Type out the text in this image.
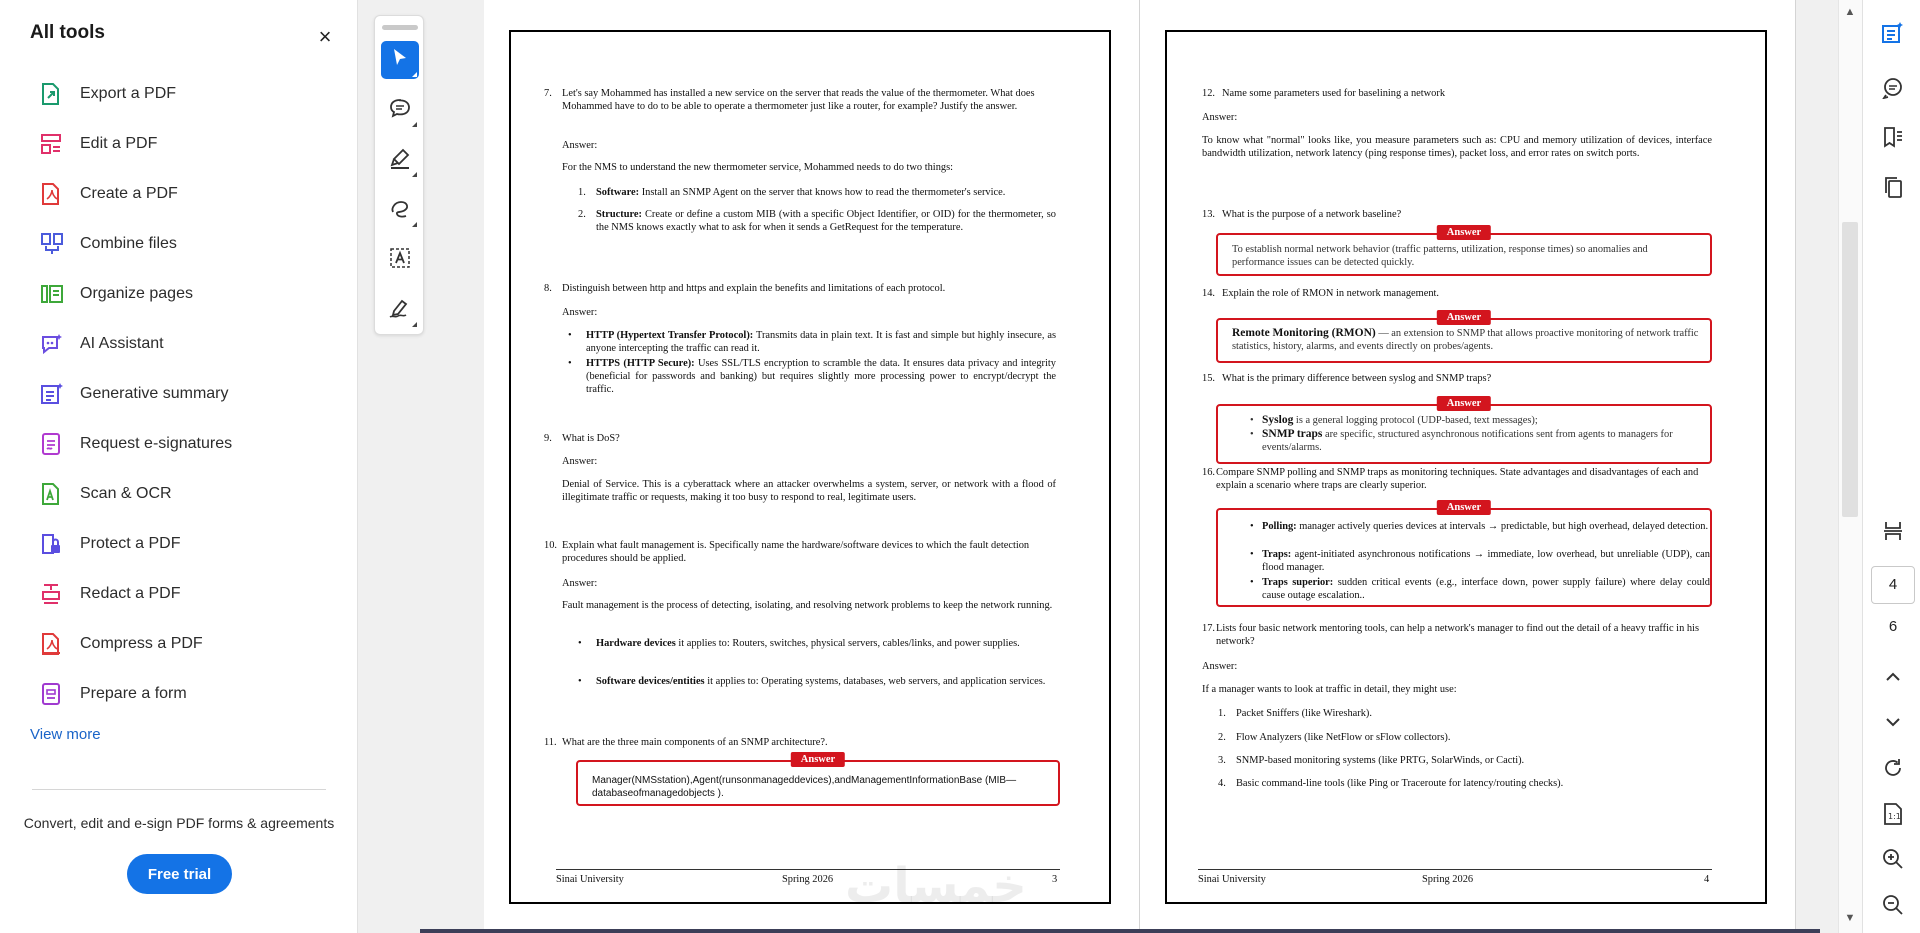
All tools	×
Export a PDF
Edit a PDF
Create a PDF
Combine files
Organize pages
AI Assistant
Generative summary
Request e-signatures
Scan & OCR
Protect a PDF
Redact a PDF
Compress a PDF
Prepare a form
View more
Convert, edit and e-sign PDF forms & agreements
Free trial
7. Let's say Mohammed has installed a new service on the server that reads the value of the thermometer. What does Mohammed have to do to be able to operate a thermometer just like a router, for example? Justify the answer.
Answer:
For the NMS to understand the new thermometer service, Mohammed needs to do two things:
1. Software: Install an SNMP Agent on the server that knows how to read the thermometer's service.
2. Structure: Create or define a custom MIB (with a specific Object Identifier, or OID) for the thermometer, so the NMS knows exactly what to ask for when it sends a GetRequest for the temperature.
8. Distinguish between http and https and explain the benefits and limitations of each protocol.
Answer:
• HTTP (Hypertext Transfer Protocol): Transmits data in plain text. It is fast and simple but highly insecure, as anyone intercepting the traffic can read it.
• HTTPS (HTTP Secure): Uses SSL/TLS encryption to scramble the data. It ensures data privacy and integrity (beneficial for passwords and banking) but requires slightly more processing power to encrypt/decrypt the traffic.
9. What is DoS?
Answer:
Denial of Service. This is a cyberattack where an attacker overwhelms a system, server, or network with a flood of illegitimate traffic or requests, making it too busy to respond to real, legitimate users.
10. Explain what fault management is. Specifically name the hardware/software devices to which the fault detection procedures should be applied.
Answer:
Fault management is the process of detecting, isolating, and resolving network problems to keep the network running.
• Hardware devices it applies to: Routers, switches, physical servers, cables/links, and power supplies.
• Software devices/entities it applies to: Operating systems, databases, web servers, and application services.
11. What are the three main components of an SNMP architecture?.
Answer
Manager(NMSstation),Agent(runsonmanageddevices),andManagementInformationBase (MIB—databaseofmanagedobjects ).
Sinai University	Spring 2026	3
12. Name some parameters used for baselining a network
Answer:
To know what "normal" looks like, you measure parameters such as: CPU and memory utilization of devices, interface bandwidth utilization, network latency (ping response times), packet loss, and error rates on switch ports.
13. What is the purpose of a network baseline?
Answer
To establish normal network behavior (traffic patterns, utilization, response times) so anomalies and performance issues can be detected quickly.
14. Explain the role of RMON in network management.
Answer
Remote Monitoring (RMON) — an extension to SNMP that allows proactive monitoring of network traffic statistics, history, alarms, and events directly on probes/agents.
15. What is the primary difference between syslog and SNMP traps?
Answer
• Syslog is a general logging protocol (UDP-based, text messages);
• SNMP traps are specific, structured asynchronous notifications sent from agents to managers for events/alarms.
16. Compare SNMP polling and SNMP traps as monitoring techniques. State advantages and disadvantages of each and explain a scenario where traps are clearly superior.
Answer
• Polling: manager actively queries devices at intervals → predictable, but high overhead, delayed detection.
• Traps: agent-initiated asynchronous notifications → immediate, low overhead, but unreliable (UDP), can flood manager.
• Traps superior: sudden critical events (e.g., interface down, power supply failure) where delay could cause outage escalation..
17. Lists four basic network mentoring tools, can help a network's manager to find out the detail of a heavy traffic in his network?
Answer:
If a manager wants to look at traffic in detail, they might use:
1. Packet Sniffers (like Wireshark).
2. Flow Analyzers (like NetFlow or sFlow collectors).
3. SNMP-based monitoring systems (like PRTG, SolarWinds, or Cacti).
4. Basic command-line tools (like Ping or Traceroute for latency/routing checks).
Sinai University	Spring 2026	4
خمسات
▲
▼
4
6
1:1
